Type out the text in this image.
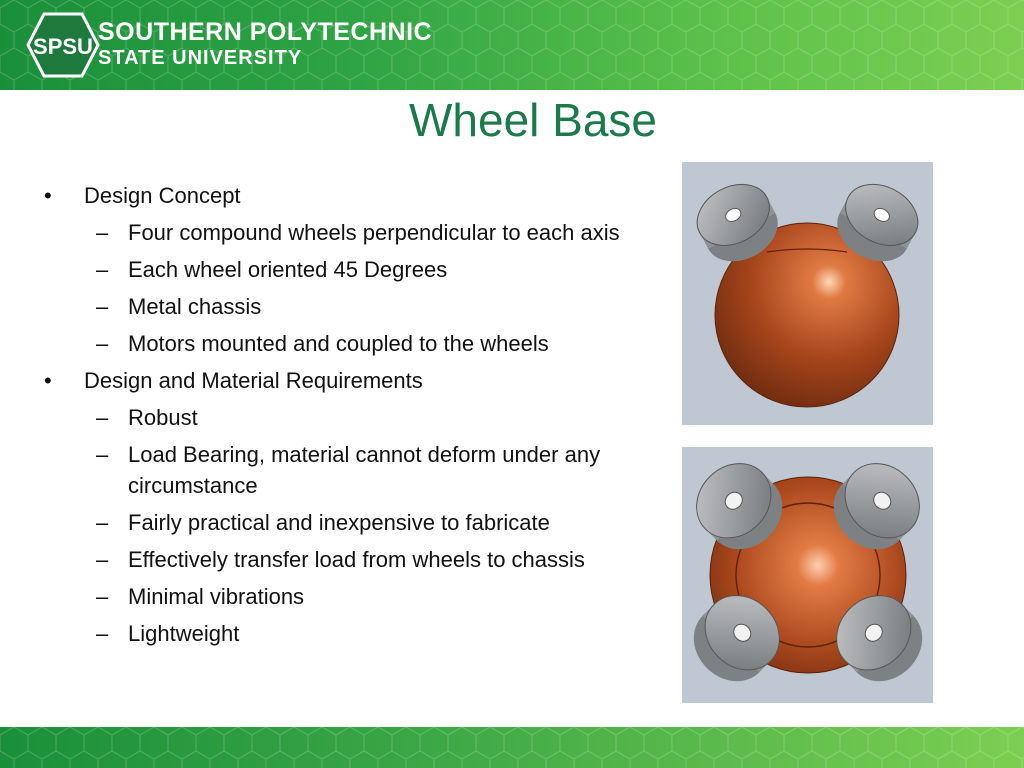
SPSU
SOUTHERN POLYTECHNIC
STATE UNIVERSITY
Wheel Base
• Design Concept
– Four compound wheels perpendicular to each axis
– Each wheel oriented 45 Degrees
– Metal chassis
– Motors mounted and coupled to the wheels
• Design and Material Requirements
– Robust
– Load Bearing, material cannot deform under any circumstance
– Fairly practical and inexpensive to fabricate
– Effectively transfer load from wheels to chassis
– Minimal vibrations
– Lightweight
